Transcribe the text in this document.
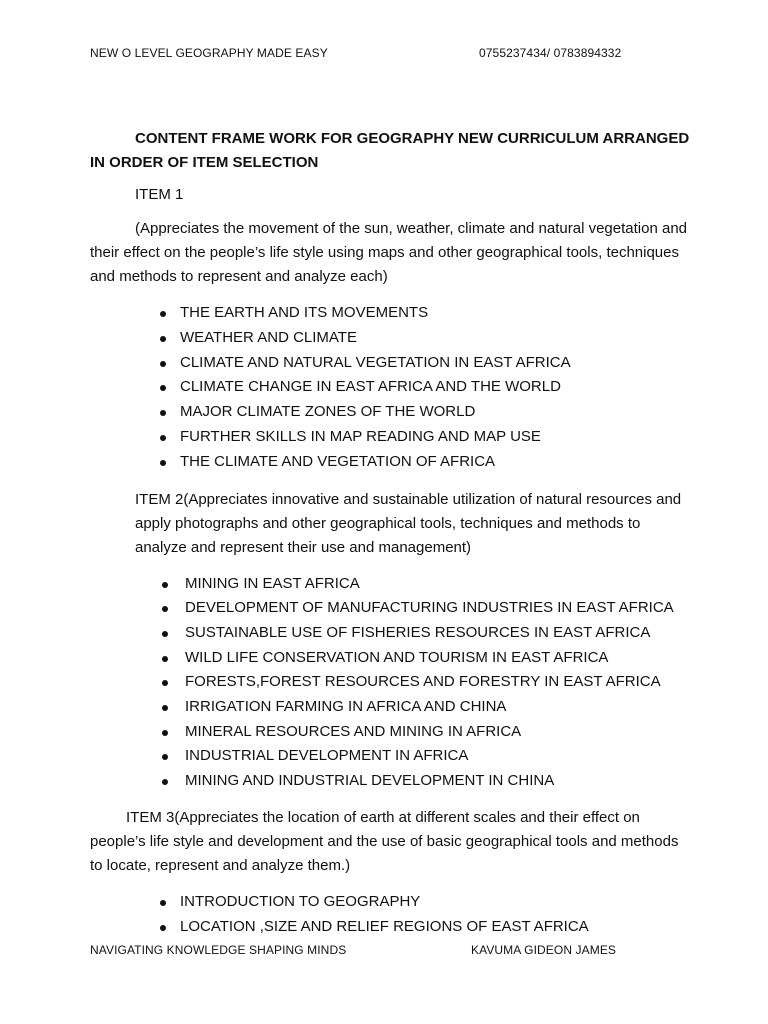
NEW O LEVEL GEOGRAPHY MADE EASY	0755237434/ 0783894332

CONTENT FRAME WORK FOR GEOGRAPHY NEW CURRICULUM ARRANGED IN ORDER OF ITEM SELECTION

ITEM 1

(Appreciates the movement of the sun, weather, climate and natural vegetation and their effect on the people’s life style using maps and other geographical tools, techniques and methods to represent and analyze each)

THE EARTH AND ITS MOVEMENTS
WEATHER AND CLIMATE
CLIMATE AND NATURAL VEGETATION IN EAST AFRICA
CLIMATE CHANGE IN EAST AFRICA AND THE WORLD
MAJOR CLIMATE ZONES OF THE WORLD
FURTHER SKILLS IN MAP READING AND MAP USE
THE CLIMATE AND VEGETATION OF AFRICA

ITEM 2(Appreciates innovative and sustainable utilization of natural resources and apply photographs and other geographical tools, techniques and methods to analyze and represent their use and management)

MINING IN EAST AFRICA
DEVELOPMENT OF MANUFACTURING INDUSTRIES IN EAST AFRICA
SUSTAINABLE USE OF FISHERIES RESOURCES IN EAST AFRICA
WILD LIFE CONSERVATION AND TOURISM IN EAST AFRICA
FORESTS,FOREST RESOURCES AND FORESTRY IN EAST AFRICA
IRRIGATION FARMING IN AFRICA AND CHINA
MINERAL RESOURCES AND MINING IN AFRICA
INDUSTRIAL DEVELOPMENT IN AFRICA
MINING AND INDUSTRIAL DEVELOPMENT IN CHINA

ITEM 3(Appreciates the location of earth at different scales and their effect on people’s life style and development and the use of basic geographical tools and methods to locate, represent and analyze them.)

INTRODUCTION TO GEOGRAPHY
LOCATION ,SIZE AND RELIEF REGIONS OF EAST AFRICA
NAVIGATING KNOWLEDGE SHAPING MINDS	KAVUMA GIDEON JAMES
